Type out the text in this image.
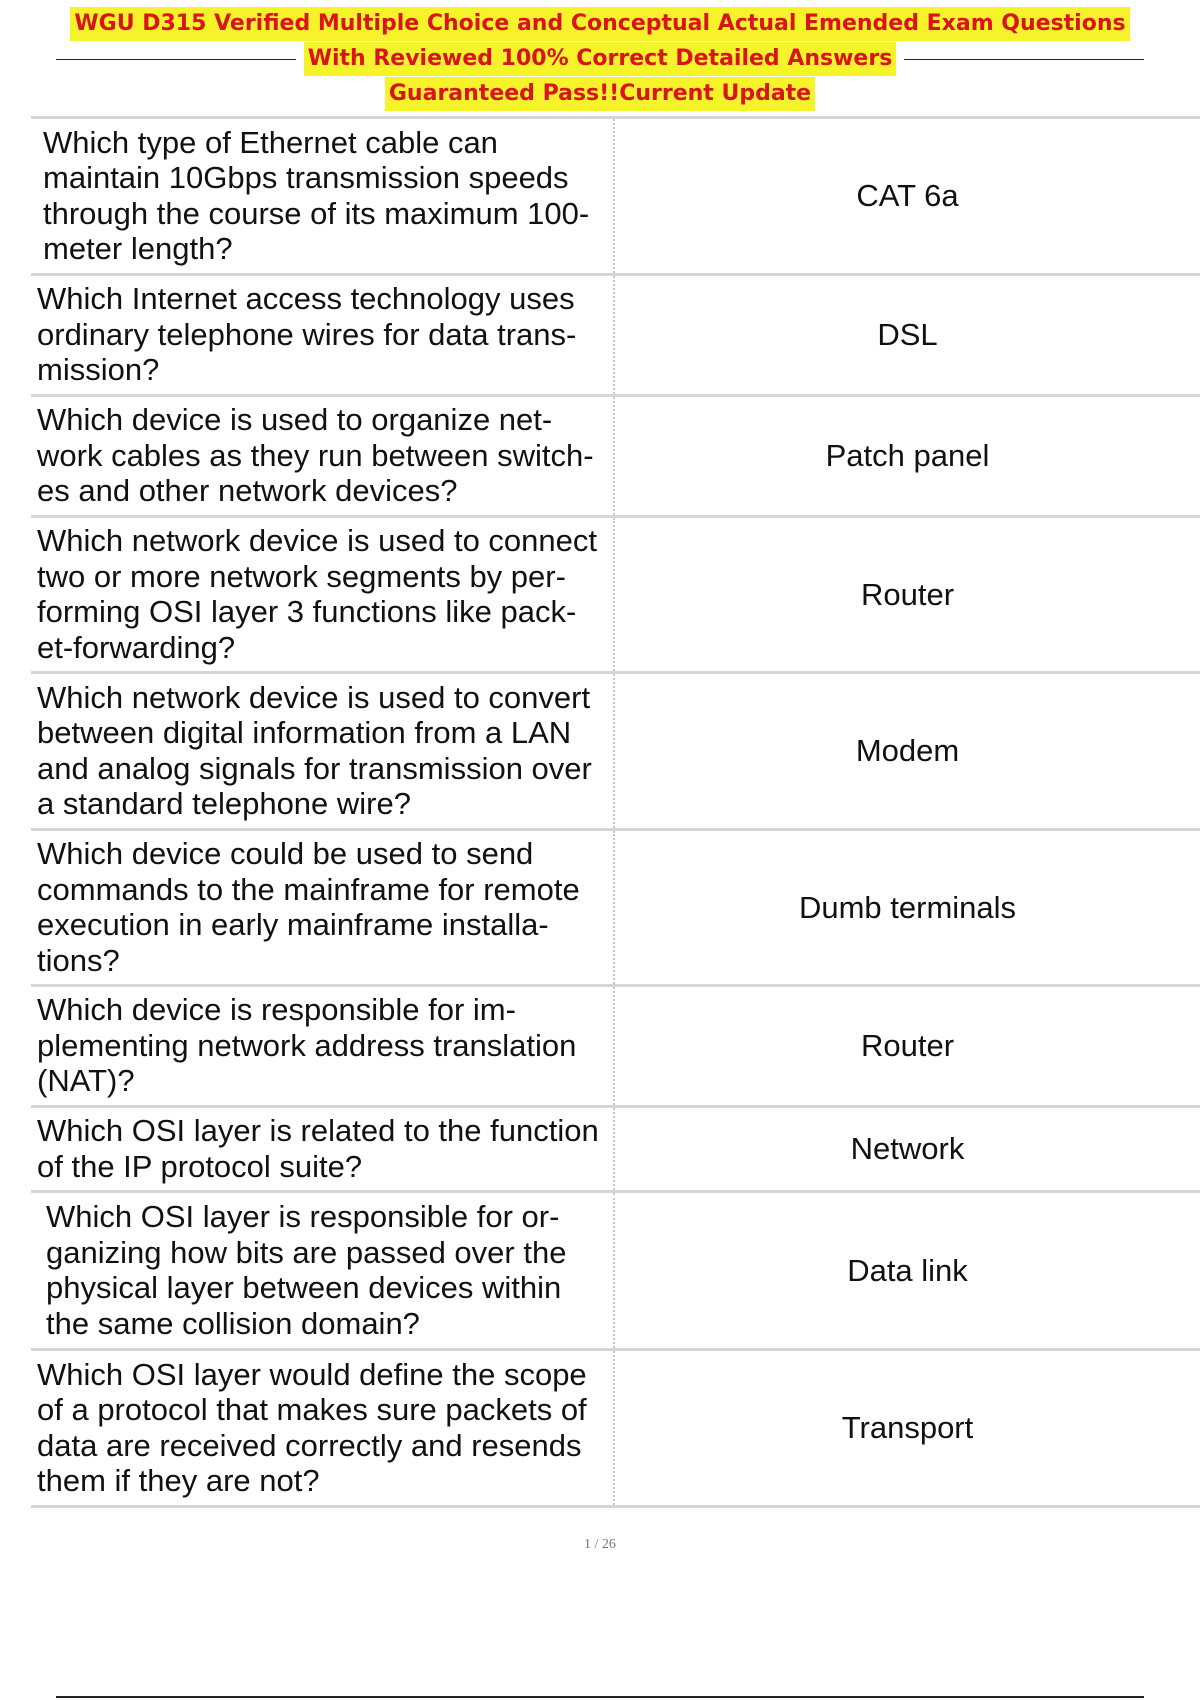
WGU D315 Verified Multiple Choice and Conceptual Actual Emended Exam Questions
With Reviewed 100% Correct Detailed Answers
Guaranteed Pass!!Current Update
Which type of Ethernet cable can maintain 10Gbps transmission speeds through the course of its maximum 100-meter length?
CAT 6a
Which Internet access technology uses ordinary telephone wires for data trans-mission?
DSL
Which device is used to organize net-work cables as they run between switch-es and other network devices?
Patch panel
Which network device is used to connect two or more network segments by per-forming OSI layer 3 functions like pack-et-forwarding?
Router
Which network device is used to convert between digital information from a LAN and analog signals for transmission over a standard telephone wire?
Modem
Which device could be used to send commands to the mainframe for remote execution in early mainframe installa-tions?
Dumb terminals
Which device is responsible for im-plementing network address translation (NAT)?
Router
Which OSI layer is related to the function of the IP protocol suite?	Network
Which OSI layer is responsible for or-ganizing how bits are passed over the physical layer between devices within the same collision domain?
Data link
Which OSI layer would define the scope of a protocol that makes sure packets of data are received correctly and resends them if they are not?
Transport
1 / 26
